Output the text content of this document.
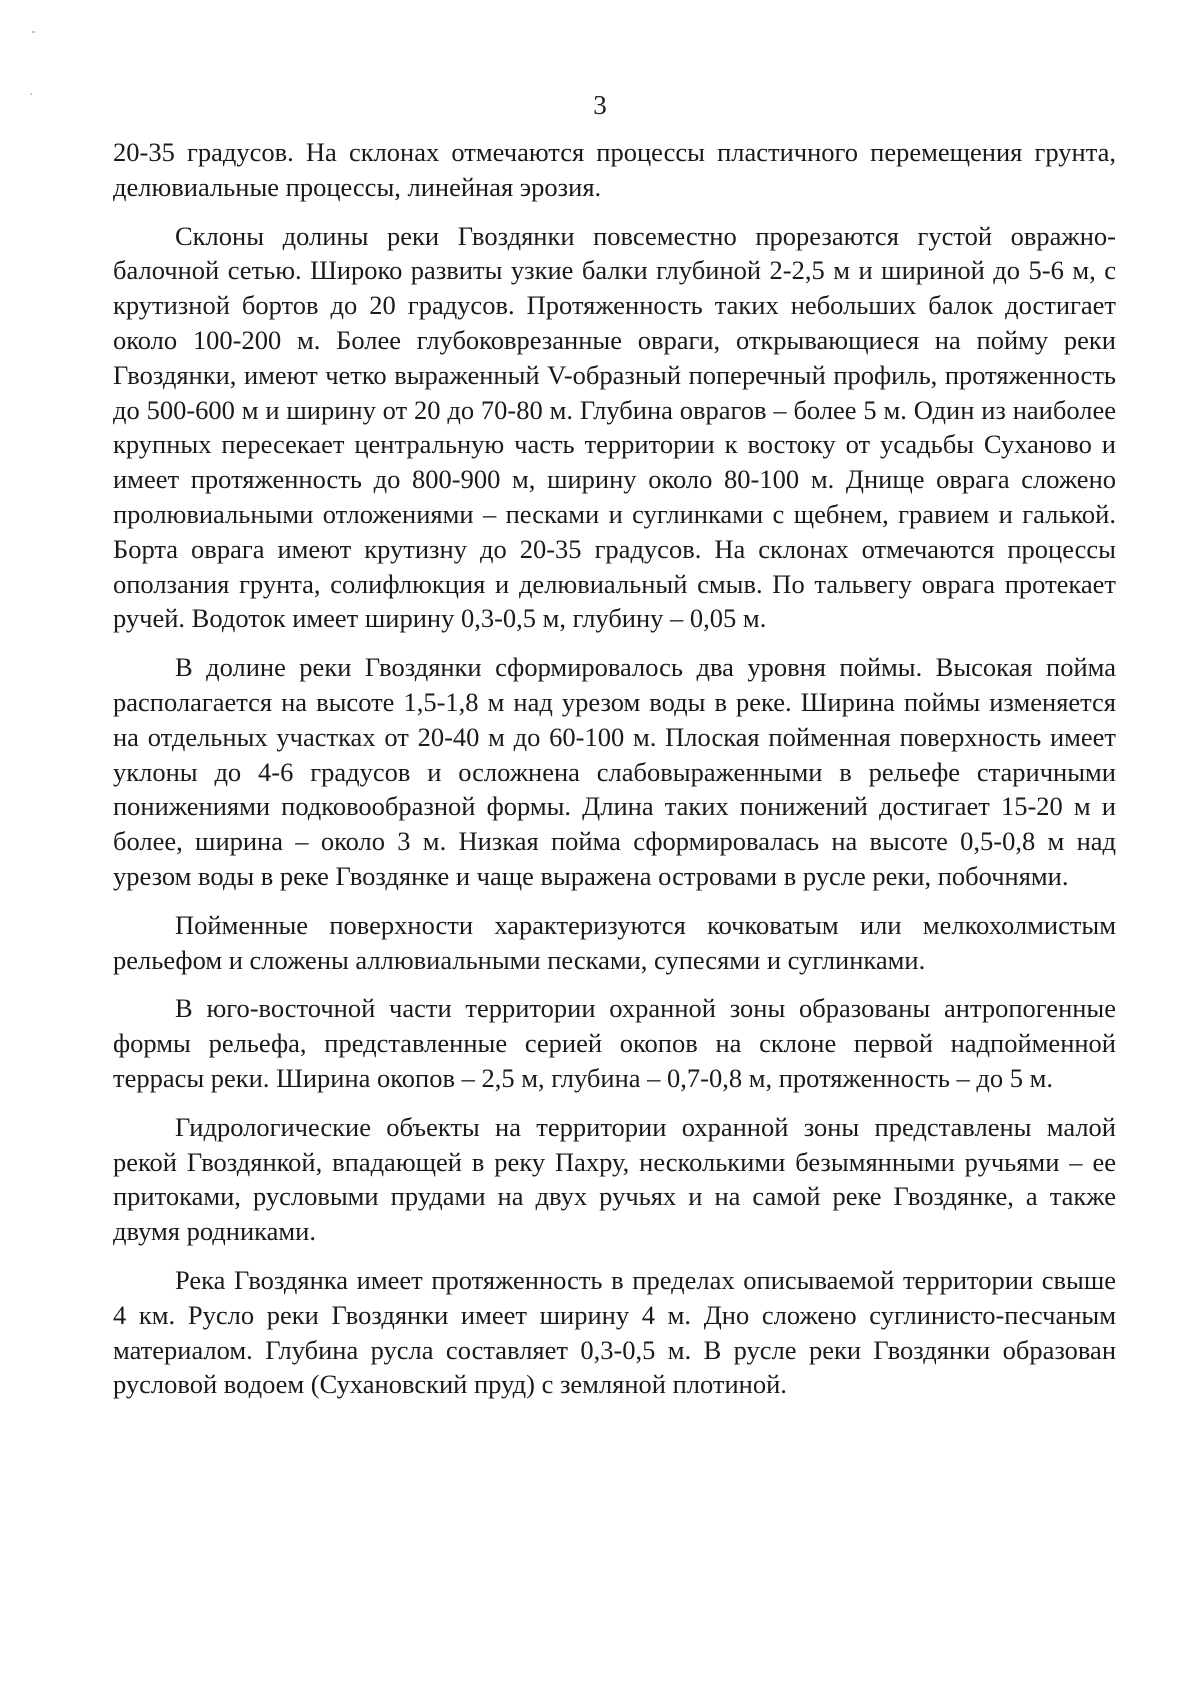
3

20-35 градусов. На склонах отмечаются процессы пластичного перемещения грунта, делювиальные процессы, линейная эрозия.

Склоны долины реки Гвоздянки повсеместно прорезаются густой овражно-балочной сетью. Широко развиты узкие балки глубиной 2-2,5 м и шириной до 5-6 м, с крутизной бортов до 20 градусов. Протяженность таких небольших балок достигает около 100-200 м. Более глубоковрезанные овраги, открывающиеся на пойму реки Гвоздянки, имеют четко выраженный V-образный поперечный профиль, протяженность до 500-600 м и ширину от 20 до 70-80 м. Глубина оврагов – более 5 м. Один из наиболее крупных пересекает центральную часть территории к востоку от усадьбы Суханово и имеет протяженность до 800-900 м, ширину около 80-100 м. Днище оврага сложено пролювиальными отложениями – песками и суглинками с щебнем, гравием и галькой. Борта оврага имеют крутизну до 20-35 градусов. На склонах отмечаются процессы оползания грунта, солифлюкция и делювиальный смыв. По тальвегу оврага протекает ручей. Водоток имеет ширину 0,3-0,5 м, глубину – 0,05 м.

В долине реки Гвоздянки сформировалось два уровня поймы. Высокая пойма располагается на высоте 1,5-1,8 м над урезом воды в реке. Ширина поймы изменяется на отдельных участках от 20-40 м до 60-100 м. Плоская пойменная поверхность имеет уклоны до 4-6 градусов и осложнена слабовыраженными в рельефе старичными понижениями подковообразной формы. Длина таких понижений достигает 15-20 м и более, ширина – около 3 м. Низкая пойма сформировалась на высоте 0,5-0,8 м над урезом воды в реке Гвоздянке и чаще выражена островами в русле реки, побочнями.

Пойменные поверхности характеризуются кочковатым или мелкохолмистым рельефом и сложены аллювиальными песками, супесями и суглинками.

В юго-восточной части территории охранной зоны образованы антропогенные формы рельефа, представленные серией окопов на склоне первой надпойменной террасы реки. Ширина окопов – 2,5 м, глубина – 0,7-0,8 м, протяженность – до 5 м.

Гидрологические объекты на территории охранной зоны представлены малой рекой Гвоздянкой, впадающей в реку Пахру, несколькими безымянными ручьями – ее притоками, русловыми прудами на двух ручьях и на самой реке Гвоздянке, а также двумя родниками.

Река Гвоздянка имеет протяженность в пределах описываемой территории свыше 4 км. Русло реки Гвоздянки имеет ширину 4 м. Дно сложено суглинисто-песчаным материалом. Глубина русла составляет 0,3-0,5 м. В русле реки Гвоздянки образован русловой водоем (Сухановский пруд) с земляной плотиной.
